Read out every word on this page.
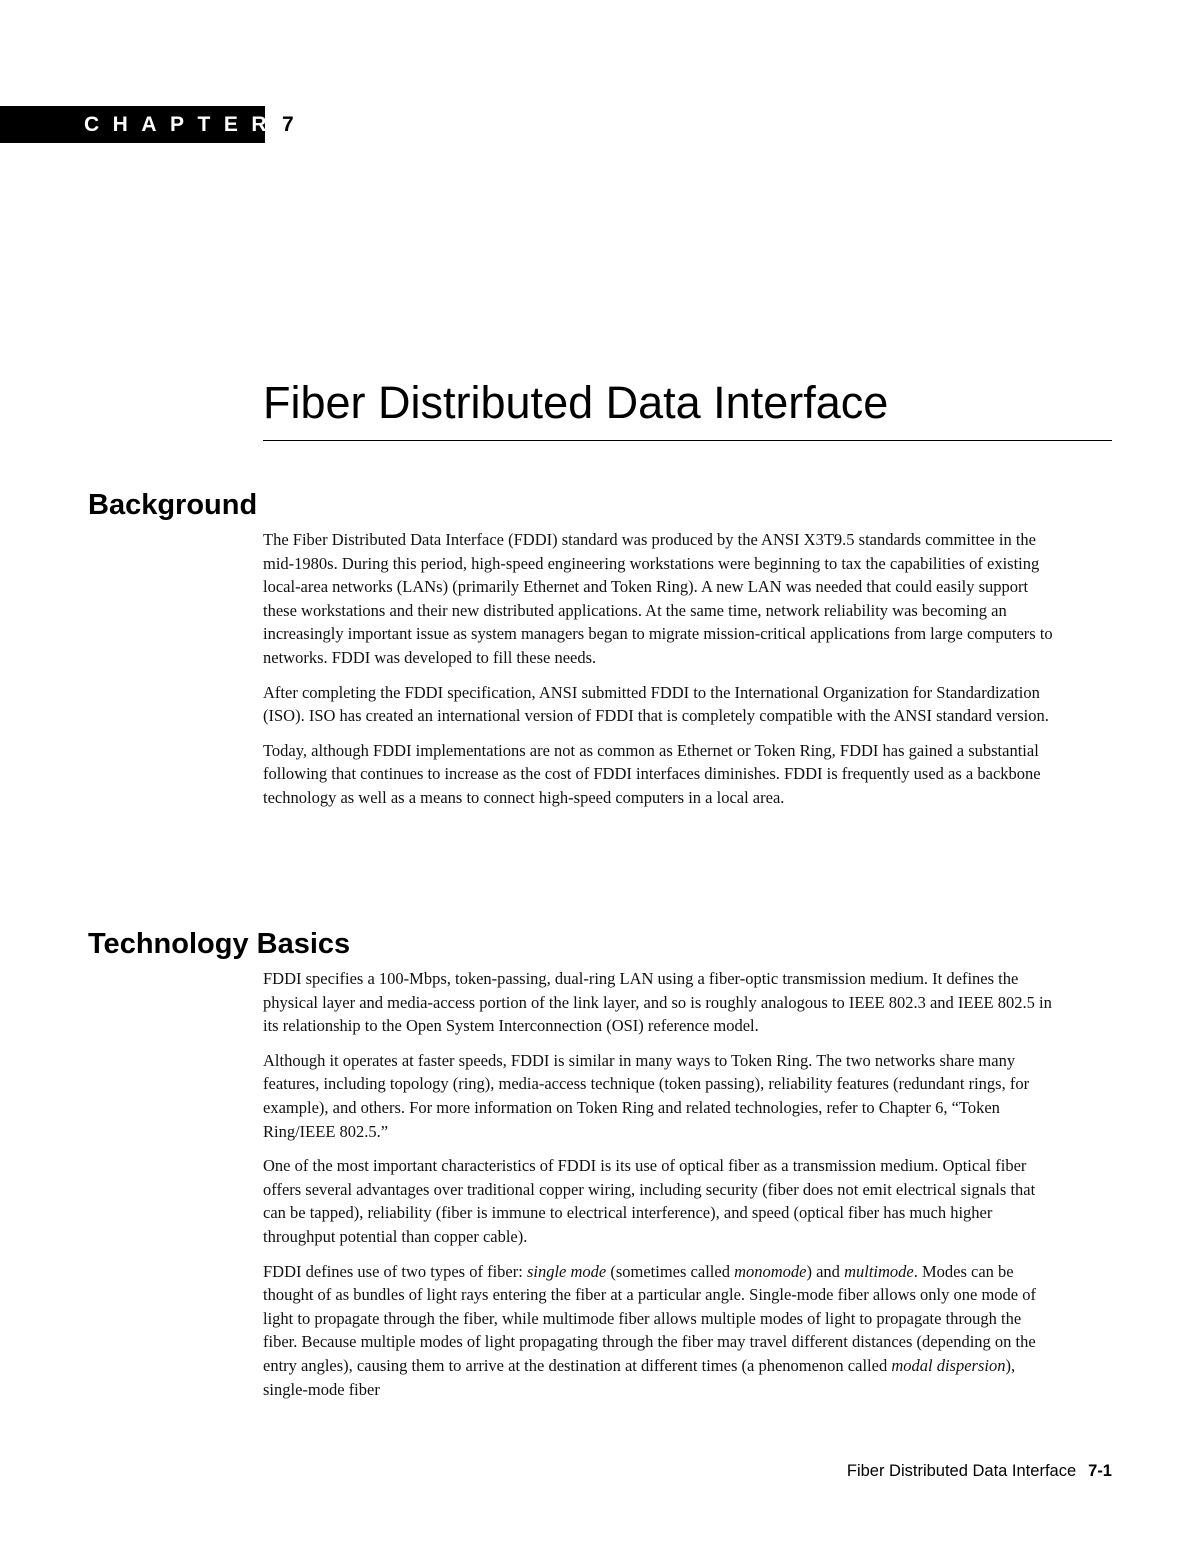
CHAPTER 7
Fiber Distributed Data Interface
Background

The Fiber Distributed Data Interface (FDDI) standard was produced by the ANSI X3T9.5 standards committee in the mid-1980s. During this period, high-speed engineering workstations were beginning to tax the capabilities of existing local-area networks (LANs) (primarily Ethernet and Token Ring). A new LAN was needed that could easily support these workstations and their new distributed applications. At the same time, network reliability was becoming an increasingly important issue as system managers began to migrate mission-critical applications from large computers to networks. FDDI was developed to fill these needs.

After completing the FDDI specification, ANSI submitted FDDI to the International Organization for Standardization (ISO). ISO has created an international version of FDDI that is completely compatible with the ANSI standard version.

Today, although FDDI implementations are not as common as Ethernet or Token Ring, FDDI has gained a substantial following that continues to increase as the cost of FDDI interfaces diminishes. FDDI is frequently used as a backbone technology as well as a means to connect high-speed computers in a local area.

Technology Basics

FDDI specifies a 100-Mbps, token-passing, dual-ring LAN using a fiber-optic transmission medium. It defines the physical layer and media-access portion of the link layer, and so is roughly analogous to IEEE 802.3 and IEEE 802.5 in its relationship to the Open System Interconnection (OSI) reference model.

Although it operates at faster speeds, FDDI is similar in many ways to Token Ring. The two networks share many features, including topology (ring), media-access technique (token passing), reliability features (redundant rings, for example), and others. For more information on Token Ring and related technologies, refer to Chapter 6, “Token Ring/IEEE 802.5.”

One of the most important characteristics of FDDI is its use of optical fiber as a transmission medium. Optical fiber offers several advantages over traditional copper wiring, including security (fiber does not emit electrical signals that can be tapped), reliability (fiber is immune to electrical interference), and speed (optical fiber has much higher throughput potential than copper cable).

FDDI defines use of two types of fiber: single mode (sometimes called monomode) and multimode. Modes can be thought of as bundles of light rays entering the fiber at a particular angle. Single-mode fiber allows only one mode of light to propagate through the fiber, while multimode fiber allows multiple modes of light to propagate through the fiber. Because multiple modes of light propagating through the fiber may travel different distances (depending on the entry angles), causing them to arrive at the destination at different times (a phenomenon called modal dispersion), single-mode fiber

Fiber Distributed Data Interface 7-1
